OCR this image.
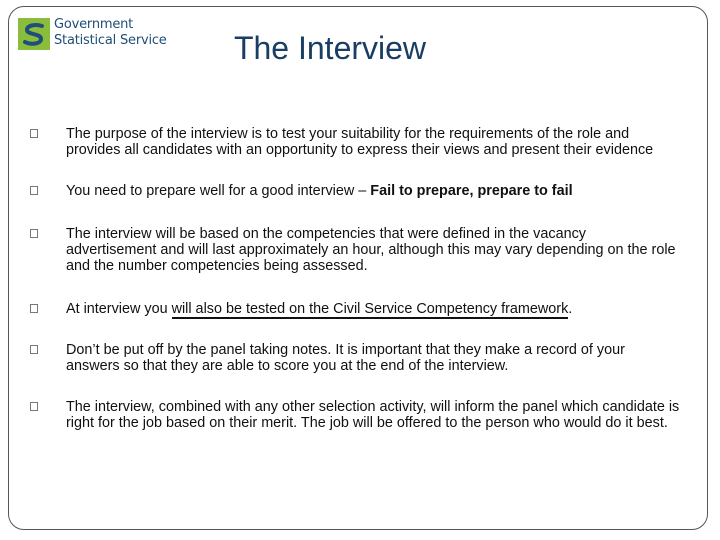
Government
Statistical Service	The Interview
The purpose of the interview is to test your suitability for the requirements of the role and provides all candidates with an opportunity to express their views and present their evidence
You need to prepare well for a good interview – Fail to prepare, prepare to fail
The interview will be based on the competencies that were defined in the vacancy advertisement and will last approximately an hour, although this may vary depending on the role and the number competencies being assessed.
At interview you will also be tested on the Civil Service Competency framework.
Don’t be put off by the panel taking notes. It is important that they make a record of your answers so that they are able to score you at the end of the interview.
The interview, combined with any other selection activity, will inform the panel which candidate is right for the job based on their merit. The job will be offered to the person who would do it best.
